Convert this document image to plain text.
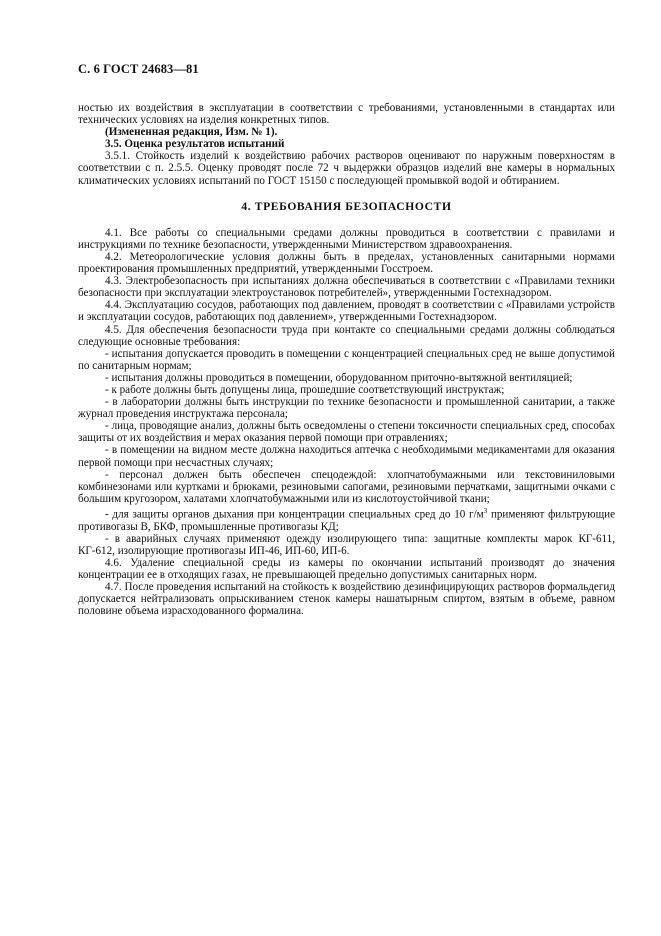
С. 6 ГОСТ 24683—81

ностью их воздействия в эксплуатации в соответствии с требованиями, установленными в стандартах или технических условиях на изделия конкретных типов.

(Измененная редакция, Изм. № 1).

3.5. Оценка результатов испытаний

3.5.1. Стойкость изделий к воздействию рабочих растворов оценивают по наружным поверхностям в соответствии с п. 2.5.5. Оценку проводят после 72 ч выдержки образцов изделий вне камеры в нормальных климатических условиях испытаний по ГОСТ 15150 с последующей промывкой водой и обтиранием.

4. ТРЕБОВАНИЯ БЕЗОПАСНОСТИ

4.1. Все работы со специальными средами должны проводиться в соответствии с правилами и инструкциями по технике безопасности, утвержденными Министерством здравоохранения.

4.2. Метеорологические условия должны быть в пределах, установленных санитарными нормами проектирования промышленных предприятий, утвержденными Госстроем.

4.3. Электробезопасность при испытаниях должна обеспечиваться в соответствии с «Правилами техники безопасности при эксплуатации электроустановок потребителей», утвержденными Гостехнадзором.

4.4. Эксплуатацию сосудов, работающих под давлением, проводят в соответствии с «Правилами устройств и эксплуатации сосудов, работающих под давлением», утвержденными Гостехнадзором.

4.5. Для обеспечения безопасности труда при контакте со специальными средами должны соблюдаться следующие основные требования:

- испытания допускается проводить в помещении с концентрацией специальных сред не выше допустимой по санитарным нормам;

- испытания должны проводиться в помещении, оборудованном приточно-вытяжной вентиляцией;

- к работе должны быть допущены лица, прошедшие соответствующий инструктаж;

- в лаборатории должны быть инструкции по технике безопасности и промышленной санитарии, а также журнал проведения инструктажа персонала;

- лица, проводящие анализ, должны быть осведомлены о степени токсичности специальных сред, способах защиты от их воздействия и мерах оказания первой помощи при отравлениях;

- в помещении на видном месте должна находиться аптечка с необходимыми медикаментами для оказания первой помощи при несчастных случаях;

- персонал должен быть обеспечен спецодеждой: хлопчатобумажными или текстовиниловыми комбинезонами или куртками и брюками, резиновыми сапогами, резиновыми перчатками, защитными очками с большим кругозором, халатами хлопчатобумажными или из кислотоустойчивой ткани;

- для защиты органов дыхания при концентрации специальных сред до 10 $г/м^3$ применяют фильтрующие противогазы В, БКФ, промышленные противогазы КД;

- в аварийных случаях применяют одежду изолирующего типа: защитные комплекты марок КГ-611, КГ-612, изолирующие противогазы ИП-46, ИП-60, ИП-6.

4.6. Удаление специальной среды из камеры по окончании испытаний производят до значения концентрации ее в отходящих газах, не превышающей предельно допустимых санитарных норм.

4.7. После проведения испытаний на стойкость к воздействию дезинфицирующих растворов формальдегид допускается нейтрализовать опрыскиванием стенок камеры нашатырным спиртом, взятым в объеме, равном половине объема израсходованного формалина.
